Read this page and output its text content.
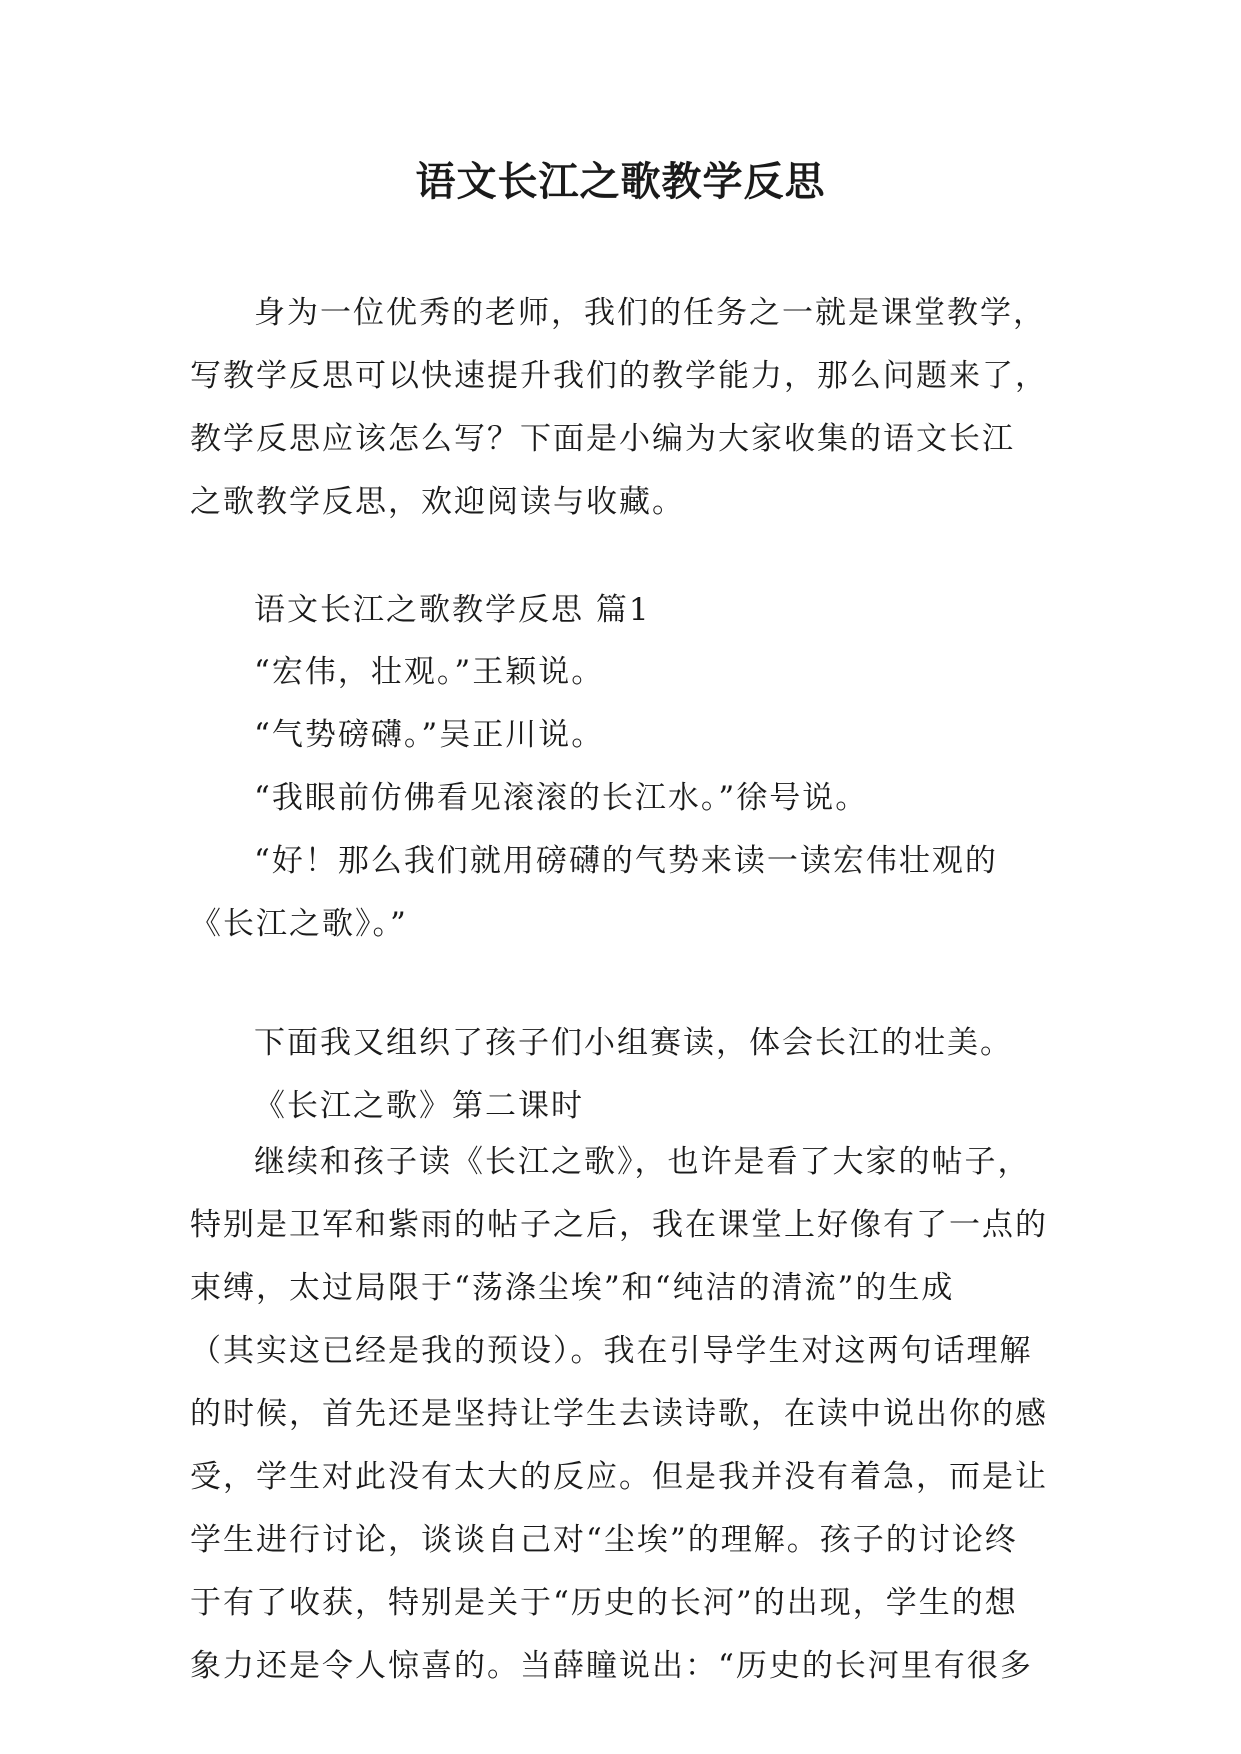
语文长江之歌教学反思
身为一位优秀的老师，我们的任务之一就是课堂教学，
写教学反思可以快速提升我们的教学能力，那么问题来了，
教学反思应该怎么写？下面是小编为大家收集的语文长江
之歌教学反思，欢迎阅读与收藏。
语文长江之歌教学反思 篇1
“宏伟，壮观。”王颖说。
“气势磅礴。”吴正川说。
“我眼前仿佛看见滚滚的长江水。”徐号说。
“好！那么我们就用磅礴的气势来读一读宏伟壮观的
《长江之歌》。”
下面我又组织了孩子们小组赛读，体会长江的壮美。
《长江之歌》第二课时
继续和孩子读《长江之歌》，也许是看了大家的帖子，
特别是卫军和紫雨的帖子之后，我在课堂上好像有了一点的
束缚，太过局限于“荡涤尘埃”和“纯洁的清流”的生成
（其实这已经是我的预设）。我在引导学生对这两句话理解
的时候，首先还是坚持让学生去读诗歌，在读中说出你的感
受，学生对此没有太大的反应。但是我并没有着急，而是让
学生进行讨论，谈谈自己对“尘埃”的理解。孩子的讨论终
于有了收获，特别是关于“历史的长河”的出现，学生的想
象力还是令人惊喜的。当薛瞳说出：“历史的长河里有很多
